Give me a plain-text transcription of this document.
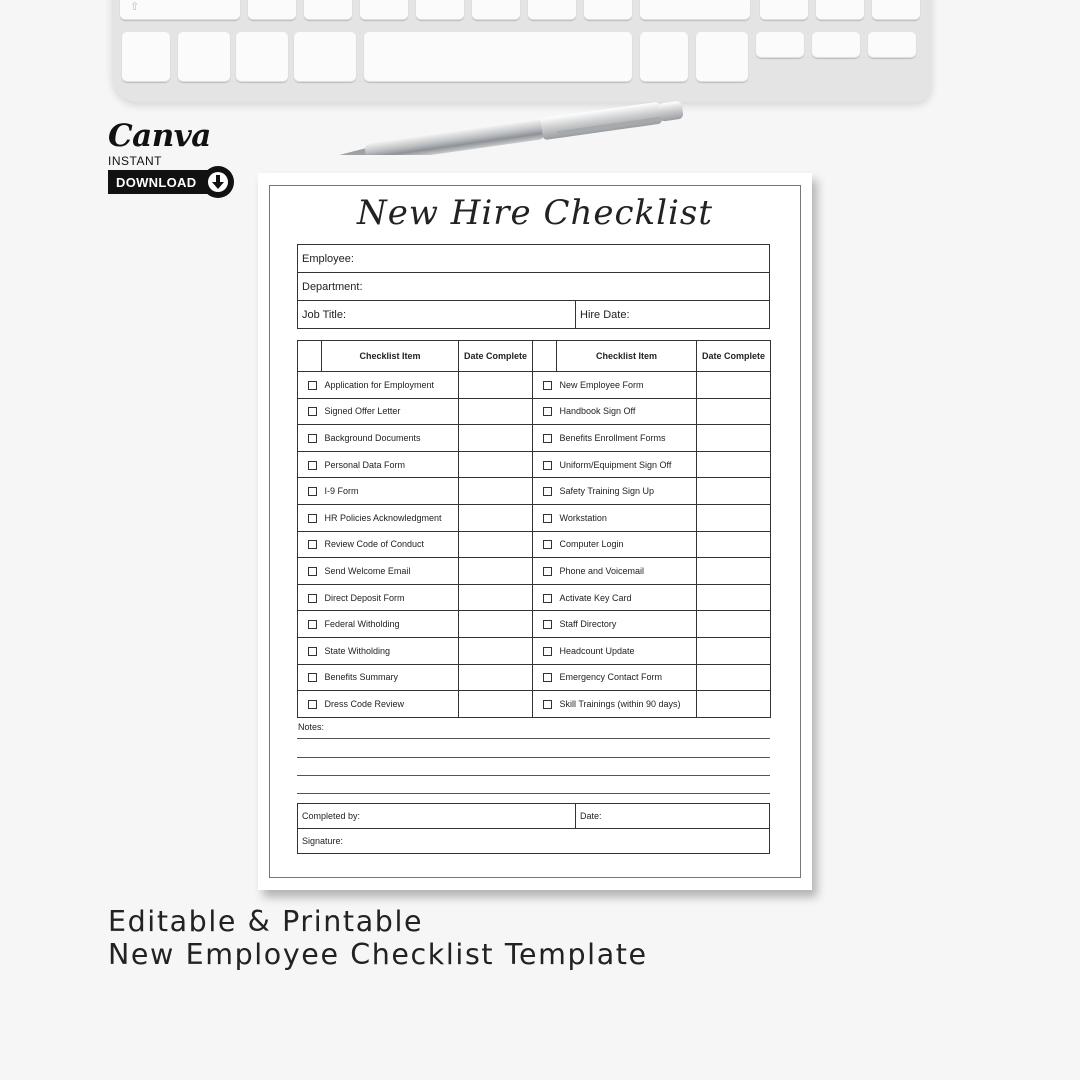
⇧
Canva
INSTANT
DOWNLOAD
New Hire Checklist
Employee:
Department:
Job Title:	Hire Date:
	Checklist Item	Date Complete		Checklist Item	Date Complete
	Application for Employment			New Employee Form	
	Signed Offer Letter			Handbook Sign Off	
	Background Documents			Benefits Enrollment Forms	
	Personal Data Form			Uniform/Equipment Sign Off	
	I-9 Form			Safety Training Sign Up	
	HR Policies Acknowledgment			Workstation	
	Review Code of Conduct			Computer Login	
	Send Welcome Email			Phone and Voicemail	
	Direct Deposit Form			Activate Key Card	
	Federal Witholding			Staff Directory	
	State Witholding			Headcount Update	
	Benefits Summary			Emergency Contact Form	
	Dress Code Review			Skill Trainings (within 90 days)	
Notes:
Completed by:	Date:
Signature:
Editable & Printable
New Employee Checklist Template
